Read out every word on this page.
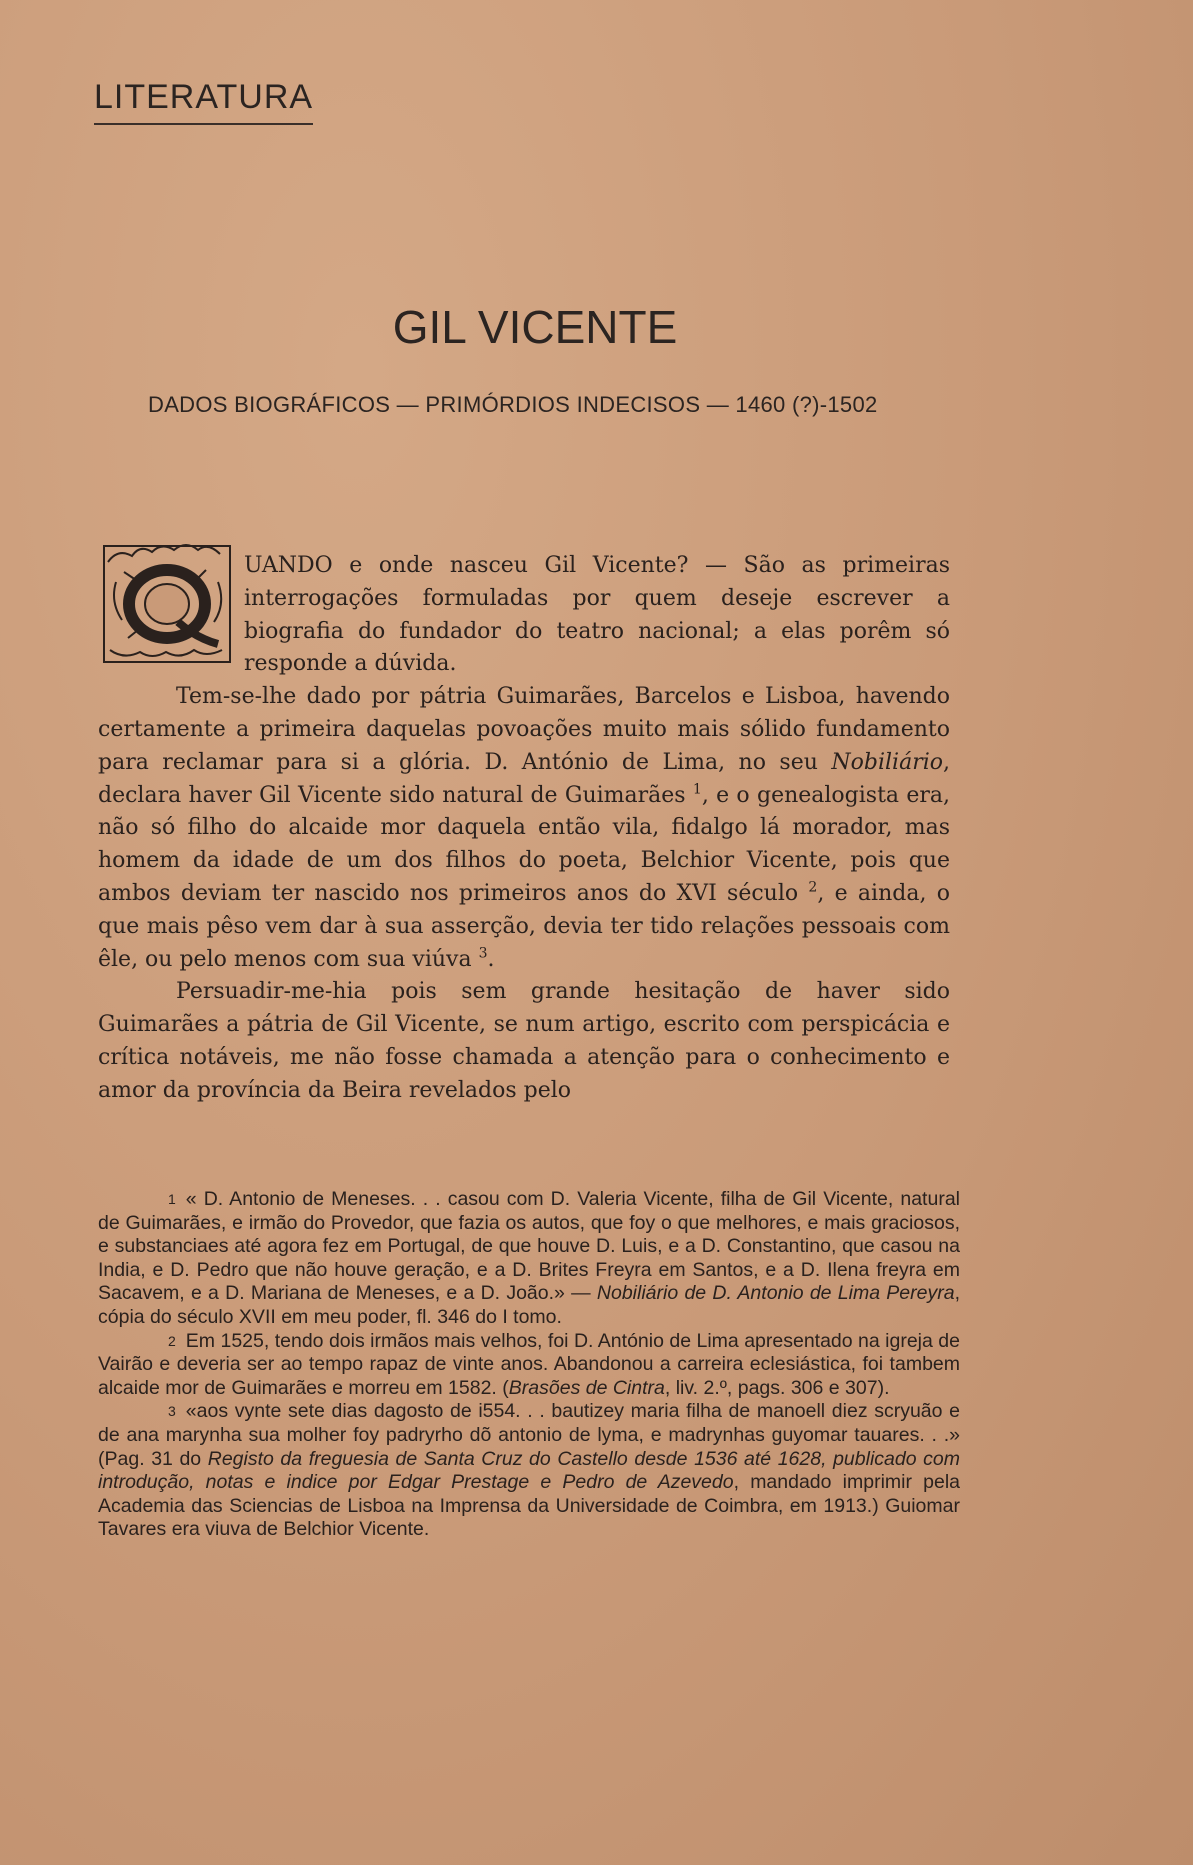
LITERATURA
GIL VICENTE
DADOS BIOGRÁFICOS — PRIMÓRDIOS INDECISOS — 1460 (?)-1502

UANDO e onde nasceu Gil Vicente? — São as primeiras interrogações formuladas por quem deseje escrever a biografia do fundador do teatro nacional; a elas porêm só responde a dúvida.

Tem-se-lhe dado por pátria Guimarães, Barcelos e Lisboa, havendo certamente a primeira daquelas povoações muito mais sólido fundamento para reclamar para si a glória. D. António de Lima, no seu Nobiliário, declara haver Gil Vicente sido natural de Guimarães $^1$, e o genealogista era, não só filho do alcaide mor daquela então vila, fidalgo lá morador, mas homem da idade de um dos filhos do poeta, Belchior Vicente, pois que ambos deviam ter nascido nos primeiros anos do XVI século $^2$, e ainda, o que mais pêso vem dar à sua asserção, devia ter tido relações pessoais com êle, ou pelo menos com sua viúva $^3$.

Persuadir-me-hia pois sem grande hesitação de haver sido Guimarães a pátria de Gil Vicente, se num artigo, escrito com perspicácia e crítica notáveis, me não fosse chamada a atenção para o conhecimento e amor da província da Beira revelados pelo

1 « D. Antonio de Meneses. . . casou com D. Valeria Vicente, filha de Gil Vicente, natural de Guimarães, e irmão do Provedor, que fazia os autos, que foy o que melhores, e mais graciosos, e substanciaes até agora fez em Portugal, de que houve D. Luis, e a D. Constantino, que casou na India, e D. Pedro que não houve geração, e a D. Brites Freyra em Santos, e a D. Ilena freyra em Sacavem, e a D. Mariana de Meneses, e a D. João.» — Nobiliário de D. Antonio de Lima Pereyra, cópia do século XVII em meu poder, fl. 346 do I tomo.

2 Em 1525, tendo dois irmãos mais velhos, foi D. António de Lima apresentado na igreja de Vairão e deveria ser ao tempo rapaz de vinte anos. Abandonou a carreira eclesiástica, foi tambem alcaide mor de Guimarães e morreu em 1582. (Brasões de Cintra, liv. 2.º, pags. 306 e 307).

3 «aos vynte sete dias dagosto de i554. . . bautizey maria filha de manoell diez scryuão e de ana marynha sua molher foy padryrho dõ antonio de lyma, e madrynhas guyomar tauares. . .» (Pag. 31 do Registo da freguesia de Santa Cruz do Castello desde 1536 até 1628, publicado com introdução, notas e indice por Edgar Prestage e Pedro de Azevedo, mandado imprimir pela Academia das Sciencias de Lisboa na Imprensa da Universidade de Coimbra, em 1913.) Guiomar Tavares era viuva de Belchior Vicente.
